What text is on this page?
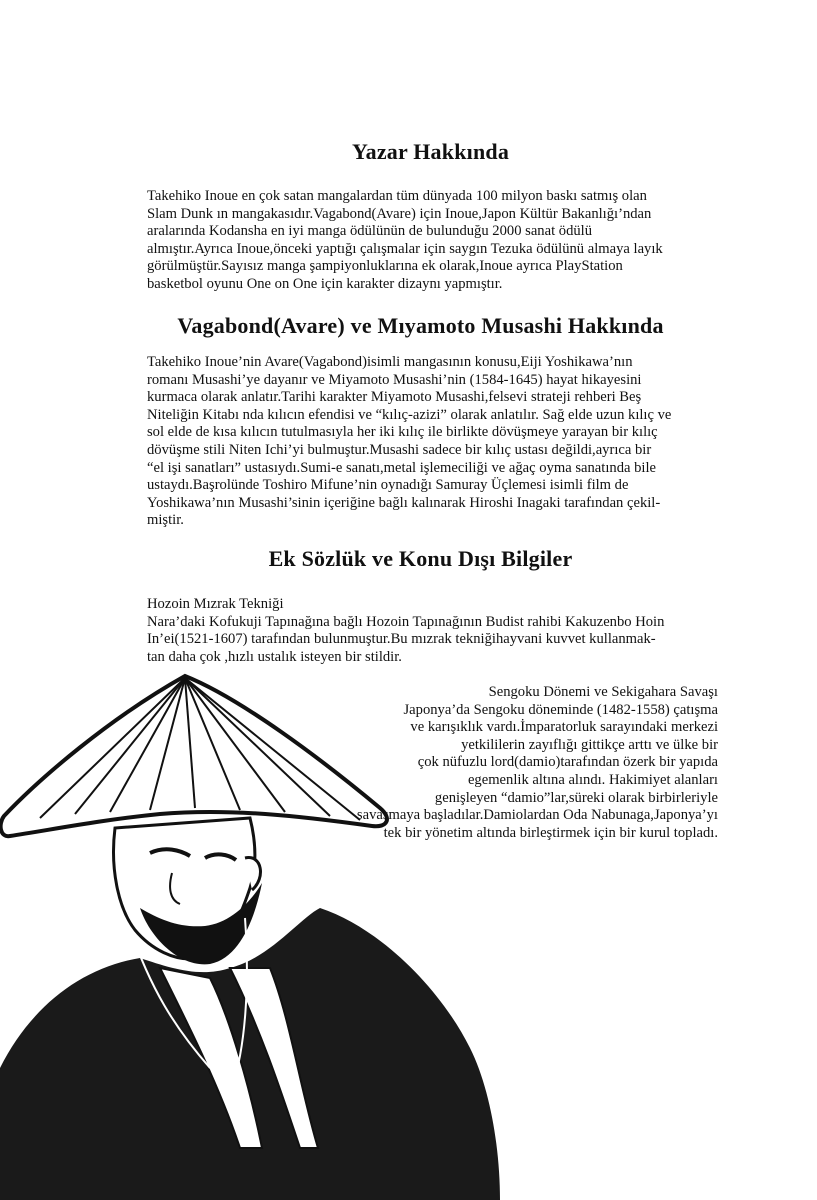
Yazar Hakkında

Takehiko Inoue en çok satan mangalardan tüm dünyada 100 milyon baskı satmış olan
Slam Dunk ın mangakasıdır.Vagabond(Avare) için Inoue,Japon Kültür Bakanlığı’ndan
aralarında Kodansha en iyi manga ödülünün de bulunduğu 2000 sanat ödülü
almıştır.Ayrıca Inoue,önceki yaptığı çalışmalar için saygın Tezuka ödülünü almaya layık
görülmüştür.Sayısız manga şampiyonluklarına ek olarak,Inoue ayrıca PlayStation
basketbol oyunu One on One için karakter dizaynı yapmıştır.

Vagabond(Avare) ve Mıyamoto Musashi Hakkında

Takehiko Inoue’nin Avare(Vagabond)isimli mangasının konusu,Eiji Yoshikawa’nın
romanı Musashi’ye dayanır ve Miyamoto Musashi’nin (1584-1645) hayat hikayesini
kurmaca olarak anlatır.Tarihi karakter Miyamoto Musashi,felsevi strateji rehberi Beş
Niteliğin Kitabı nda kılıcın efendisi ve “kılıç-azizi” olarak anlatılır. Sağ elde uzun kılıç ve
sol elde de kısa kılıcın tutulmasıyla her iki kılıç ile birlikte dövüşmeye yarayan bir kılıç
dövüşme stili Niten Ichi’yi bulmuştur.Musashi sadece bir kılıç ustası değildi,ayrıca bir
“el işi sanatları” ustasıydı.Sumi-e sanatı,metal işlemeciliği ve ağaç oyma sanatında bile
ustaydı.Başrolünde Toshiro Mifune’nin oynadığı Samuray Üçlemesi isimli film de
Yoshikawa’nın Musashi’sinin içeriğine bağlı kalınarak Hiroshi Inagaki tarafından çekil-
miştir.

Ek Sözlük ve Konu Dışı Bilgiler

Hozoin Mızrak Tekniği
Nara’daki Kofukuji Tapınağına bağlı Hozoin Tapınağının Budist rahibi Kakuzenbo Hoin
In’ei(1521-1607) tarafından bulunmuştur.Bu mızrak tekniğihayvani kuvvet kullanmak-
tan daha çok ,hızlı ustalık isteyen bir stildir.

Sengoku Dönemi ve Sekigahara Savaşı
Japonya’da Sengoku döneminde (1482-1558) çatışma
ve karışıklık vardı.İmparatorluk sarayındaki merkezi
yetkililerin zayıflığı gittikçe arttı ve ülke bir
çok nüfuzlu lord(damio)tarafından özerk bir yapıda
egemenlik altına alındı. Hakimiyet alanları
genişleyen “damio”lar,süreki olarak birbirleriyle
savaşmaya başladılar.Damiolardan Oda Nabunaga,Japonya’yı
tek bir yönetim altında birleştirmek için bir kurul topladı.
